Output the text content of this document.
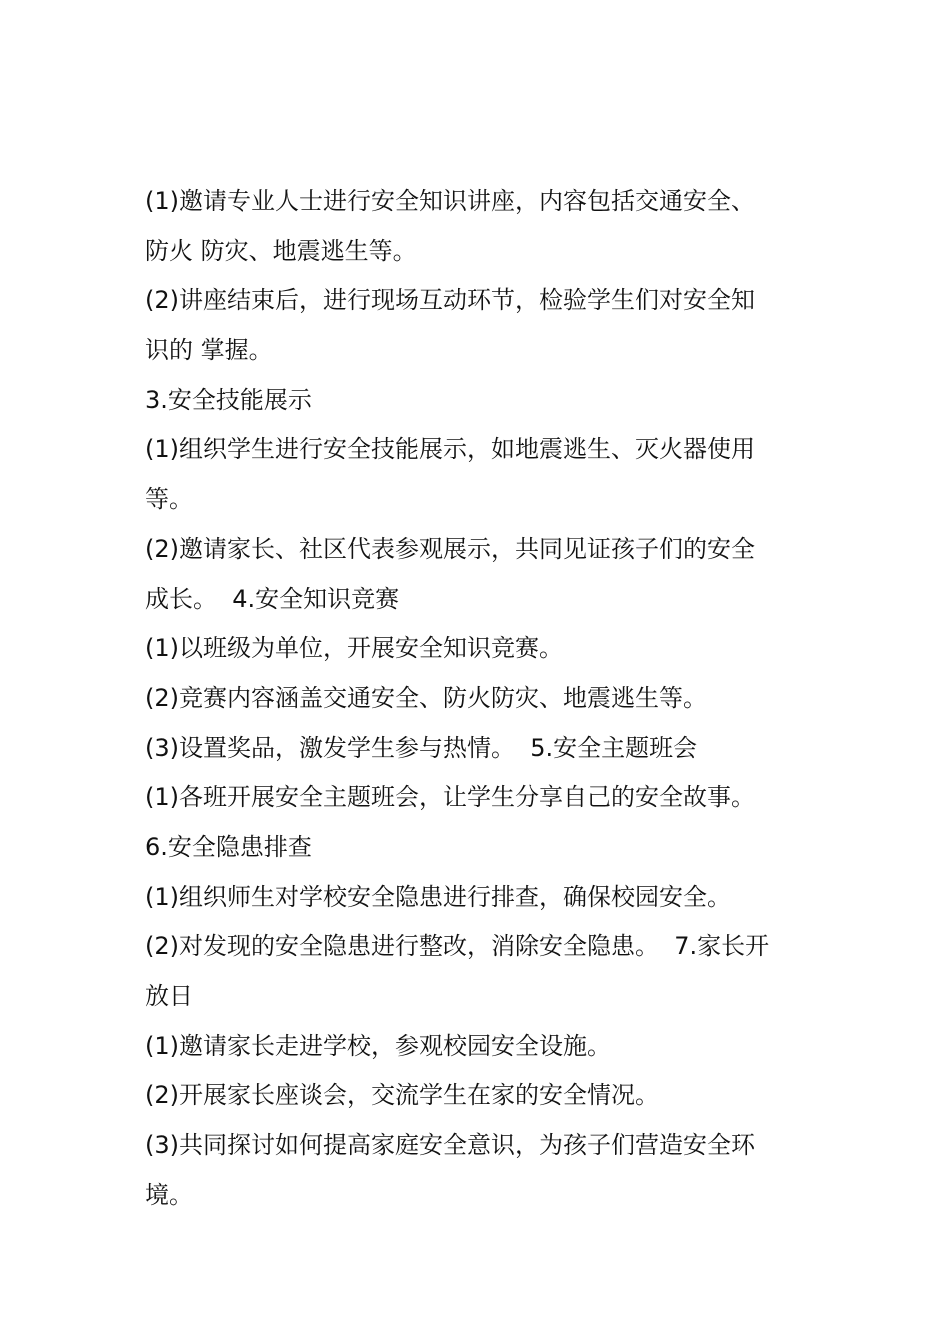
(1)邀请专业人士进行安全知识讲座，内容包括交通安全、
防火 防灾、地震逃生等。
(2)讲座结束后，进行现场互动环节，检验学生们对安全知
识的 掌握。
3.安全技能展示
(1)组织学生进行安全技能展示，如地震逃生、灭火器使用
等。
(2)邀请家长、社区代表参观展示，共同见证孩子们的安全
成长。  4.安全知识竞赛
(1)以班级为单位，开展安全知识竞赛。
(2)竞赛内容涵盖交通安全、防火防灾、地震逃生等。
(3)设置奖品，激发学生参与热情。  5.安全主题班会
(1)各班开展安全主题班会，让学生分享自己的安全故事。
6.安全隐患排查
(1)组织师生对学校安全隐患进行排查，确保校园安全。
(2)对发现的安全隐患进行整改，消除安全隐患。  7.家长开
放日
(1)邀请家长走进学校，参观校园安全设施。
(2)开展家长座谈会，交流学生在家的安全情况。
(3)共同探讨如何提高家庭安全意识，为孩子们营造安全环
境。
